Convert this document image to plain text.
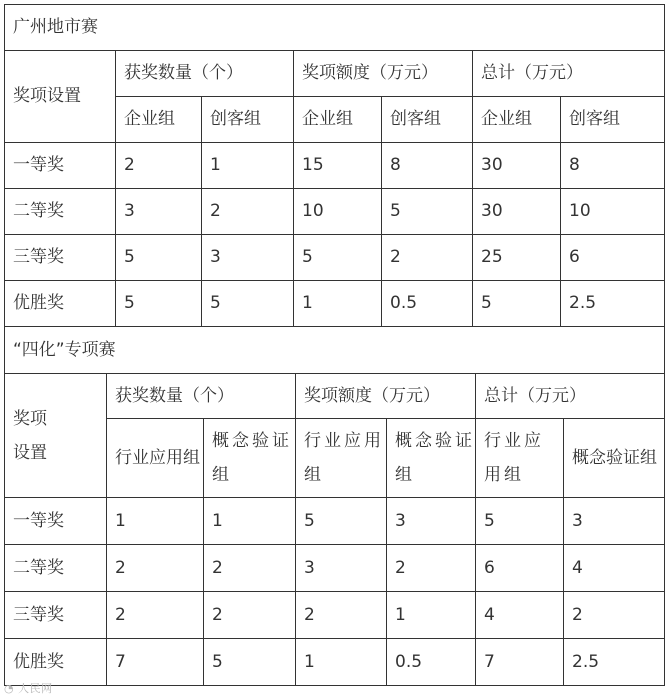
广州地市赛						
奖项设置	获奖数量（个）		奖项额度（万元）		总计（万元）	
	企业组	创客组	企业组	创客组	企业组	创客组
一等奖	2	1	15	8	30	8
二等奖	3	2	10	5	30	10
三等奖	5	3	5	2	25	6
优胜奖	5	5	1	0.5	5	2.5
“四化”专项赛						

奖项设置	获奖数量（个）		奖项额度（万元）		总计（万元）	
	行业应用组	概念验证组	行业应用组	概念验证组	行业应用组	概念验证组
一等奖	1	1	5	3	5	3
二等奖	2	2	3	2	6	4
三等奖	2	2	2	1	4	2
优胜奖	7	5	1	0.5	7	2.5
◔ 人民网
